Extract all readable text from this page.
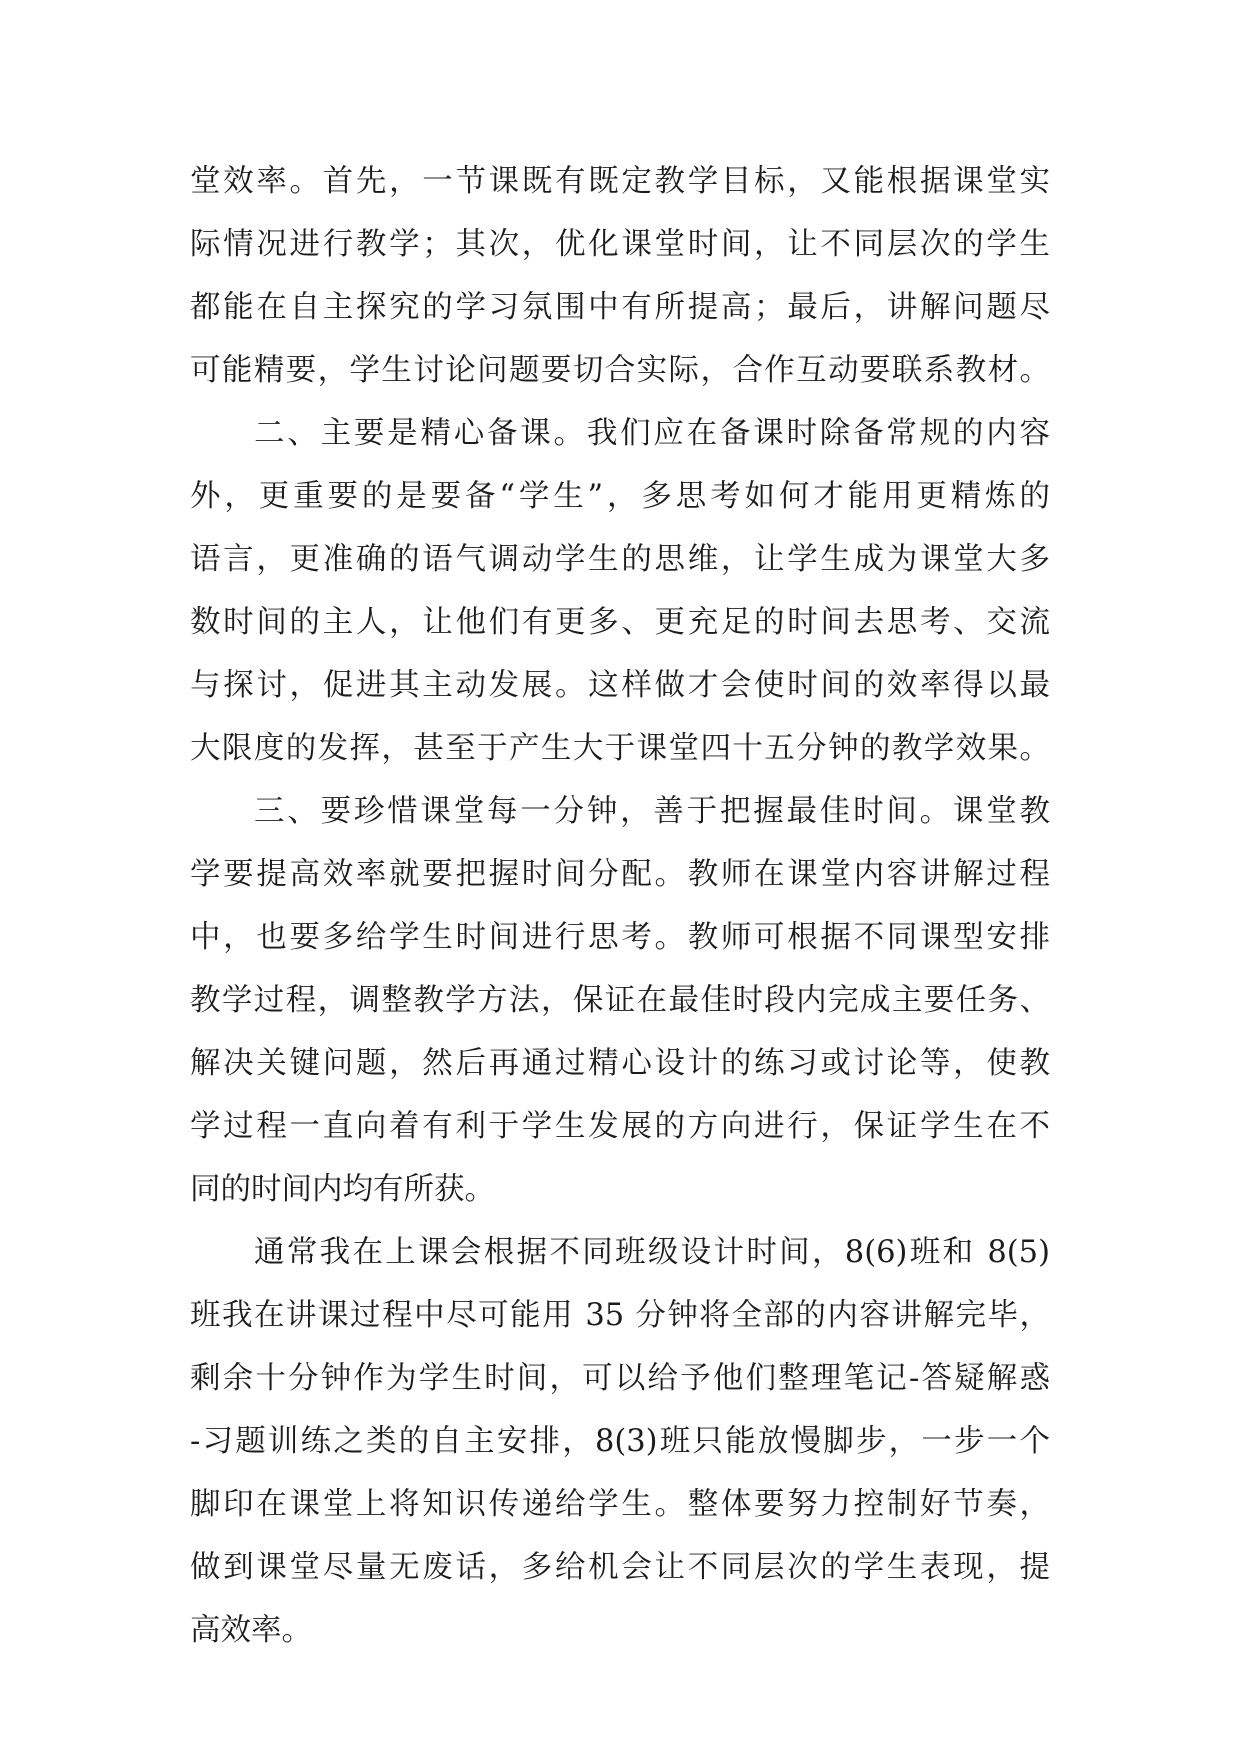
堂效率。首先，一节课既有既定教学目标，又能根据课堂实
际情况进行教学；其次，优化课堂时间，让不同层次的学生
都能在自主探究的学习氛围中有所提高；最后，讲解问题尽
可能精要，学生讨论问题要切合实际，合作互动要联系教材。
二、主要是精心备课。我们应在备课时除备常规的内容
外，更重要的是要备“学生”，多思考如何才能用更精炼的
语言，更准确的语气调动学生的思维，让学生成为课堂大多
数时间的主人，让他们有更多、更充足的时间去思考、交流
与探讨，促进其主动发展。这样做才会使时间的效率得以最
大限度的发挥，甚至于产生大于课堂四十五分钟的教学效果。
三、要珍惜课堂每一分钟，善于把握最佳时间。课堂教
学要提高效率就要把握时间分配。教师在课堂内容讲解过程
中，也要多给学生时间进行思考。教师可根据不同课型安排
教学过程，调整教学方法，保证在最佳时段内完成主要任务、
解决关键问题，然后再通过精心设计的练习或讨论等，使教
学过程一直向着有利于学生发展的方向进行，保证学生在不
同的时间内均有所获。
通常我在上课会根据不同班级设计时间，8(6)班和 8(5)
班我在讲课过程中尽可能用 35 分钟将全部的内容讲解完毕，
剩余十分钟作为学生时间，可以给予他们整理笔记-答疑解惑
-习题训练之类的自主安排，8(3)班只能放慢脚步，一步一个
脚印在课堂上将知识传递给学生。整体要努力控制好节奏，
做到课堂尽量无废话，多给机会让不同层次的学生表现，提
高效率。
